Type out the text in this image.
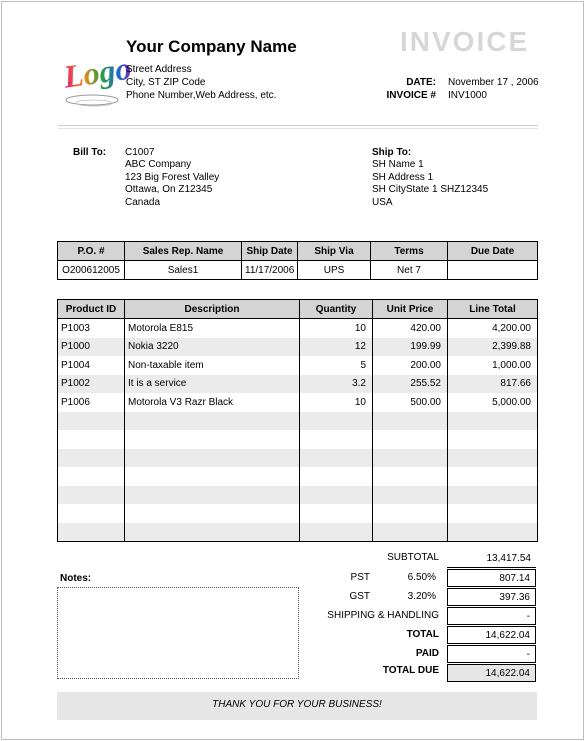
Logo
Your Company Name
Street Address
City, ST ZIP Code
Phone Number,Web Address, etc.
INVOICE
DATE: November 17 , 2006
INVOICE # INV1000
Bill To: C1007
ABC Company
123 Big Forest Valley
Ottawa, On Z12345
Canada
Ship To:
SH Name 1
SH Address 1
SH CityState 1 SHZ12345
USA
P.O. #	Sales Rep. Name	Ship Date	Ship Via	Terms	Due Date
O200612005	Sales1	11/17/2006	UPS	Net 7	
Product ID	Description	Quantity	Unit Price	Line Total
P1003	Motorola E815	10	420.00	4,200.00
P1000	Nokia 3220	12	199.99	2,399.88
P1004	Non-taxable item	5	200.00	1,000.00
P1002	It is a service	3.2	255.52	817.66
P1006	Motorola V3 Razr Black	10	500.00	5,000.00

SUBTOTAL	13,417.54
PST	6.50%	807.14
GST	3.20%	397.36
SHIPPING & HANDLING	-
TOTAL	14,622.04
PAID	-
TOTAL DUE	14,622.04
Notes:
THANK YOU FOR YOUR BUSINESS!
